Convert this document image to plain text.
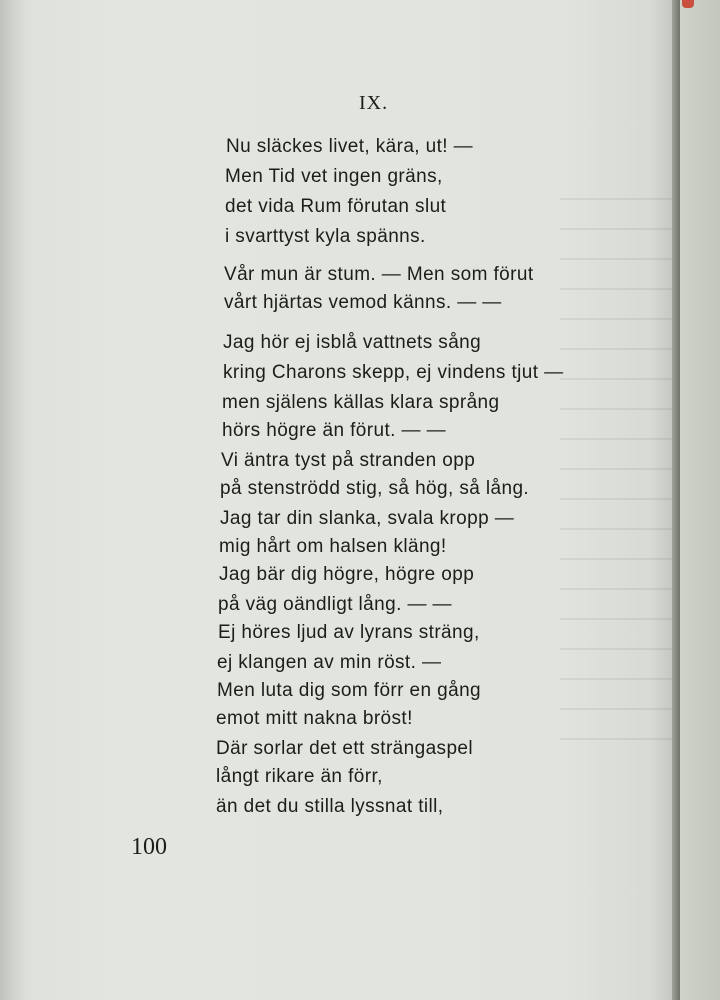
IX.
Nu släckes livet, kära, ut! —
Men Tid vet ingen gräns,
det vida Rum förutan slut
i svarttyst kyla spänns.
Vår mun är stum. — Men som förut
vårt hjärtas vemod känns. — —
Jag hör ej isblå vattnets sång
kring Charons skepp, ej vindens tjut —
men själens källas klara språng
hörs högre än förut. — —
Vi äntra tyst på stranden opp
på stenströdd stig, så hög, så lång.
Jag tar din slanka, svala kropp —
mig hårt om halsen kläng!
Jag bär dig högre, högre opp
på väg oändligt lång. — —
Ej höres ljud av lyrans sträng,
ej klangen av min röst. —
Men luta dig som förr en gång
emot mitt nakna bröst!
Där sorlar det ett strängaspel
långt rikare än förr,
än det du stilla lyssnat till,
100
